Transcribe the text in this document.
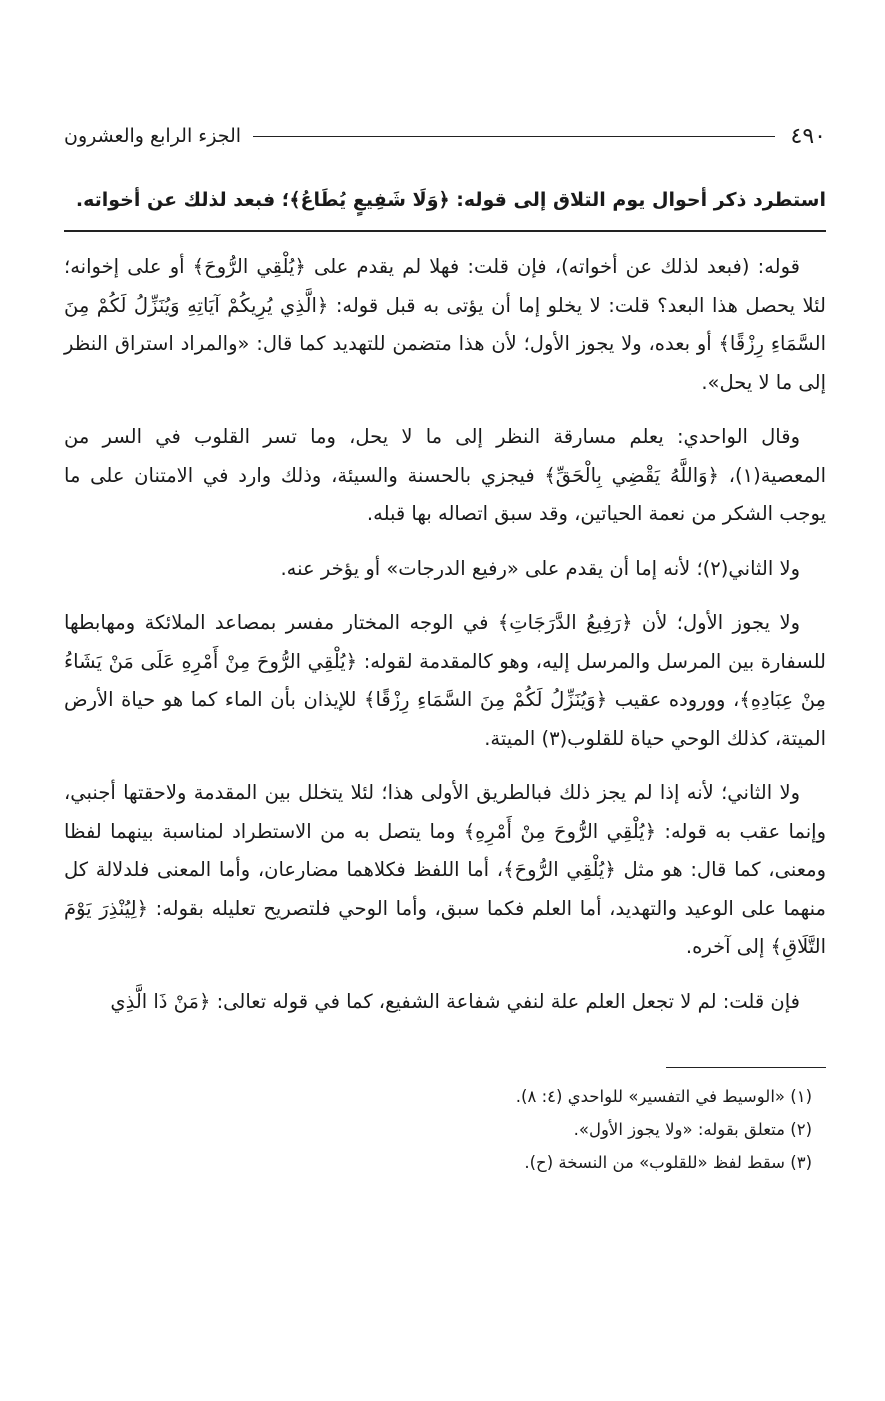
٤٩٠
الجزء الرابع والعشرون
استطرد ذكر أحوال يوم التلاق إلى قوله: ﴿وَلَا شَفِيعٍ يُطَاعُ﴾؛ فبعد لذلك عن أخواته.

قوله: (فبعد لذلك عن أخواته)، فإن قلت: فهلا لم يقدم على ﴿يُلْقِي الرُّوحَ﴾ أو على إخوانه؛ لئلا يحصل هذا البعد؟ قلت: لا يخلو إما أن يؤتى به قبل قوله: ﴿الَّذِي يُرِيكُمْ آيَاتِهِ وَيُنَزِّلُ لَكُمْ مِنَ السَّمَاءِ رِزْقًا﴾ أو بعده، ولا يجوز الأول؛ لأن هذا متضمن للتهديد كما قال: «والمراد استراق النظر إلى ما لا يحل».

وقال الواحدي: يعلم مسارقة النظر إلى ما لا يحل، وما تسر القلوب في السر من المعصية(١)، ﴿وَاللَّهُ يَقْضِي بِالْحَقِّ﴾ فيجزي بالحسنة والسيئة، وذلك وارد في الامتنان على ما يوجب الشكر من نعمة الحياتين، وقد سبق اتصاله بها قبله.

ولا الثاني(٢)؛ لأنه إما أن يقدم على «رفيع الدرجات» أو يؤخر عنه.

ولا يجوز الأول؛ لأن ﴿رَفِيعُ الدَّرَجَاتِ﴾ في الوجه المختار مفسر بمصاعد الملائكة ومهابطها للسفارة بين المرسل والمرسل إليه، وهو كالمقدمة لقوله: ﴿يُلْقِي الرُّوحَ مِنْ أَمْرِهِ عَلَى مَنْ يَشَاءُ مِنْ عِبَادِهِ﴾، ووروده عقيب ﴿وَيُنَزِّلُ لَكُمْ مِنَ السَّمَاءِ رِزْقًا﴾ للإيذان بأن الماء كما هو حياة الأرض الميتة، كذلك الوحي حياة للقلوب(٣) الميتة.

ولا الثاني؛ لأنه إذا لم يجز ذلك فبالطريق الأولى هذا؛ لئلا يتخلل بين المقدمة ولاحقتها أجنبي، وإنما عقب به قوله: ﴿يُلْقِي الرُّوحَ مِنْ أَمْرِهِ﴾ وما يتصل به من الاستطراد لمناسبة بينهما لفظا ومعنى، كما قال: هو مثل ﴿يُلْقِي الرُّوحَ﴾، أما اللفظ فكلاهما مضارعان، وأما المعنى فلدلالة كل منهما على الوعيد والتهديد، أما العلم فكما سبق، وأما الوحي فلتصريح تعليله بقوله: ﴿لِيُنْذِرَ يَوْمَ التَّلَاقِ﴾ إلى آخره.

فإن قلت: لم لا تجعل العلم علة لنفي شفاعة الشفيع، كما في قوله تعالى: ﴿مَنْ ذَا الَّذِي

(١) «الوسيط في التفسير» للواحدي (٤: ٨).
(٢) متعلق بقوله: «ولا يجوز الأول».
(٣) سقط لفظ «للقلوب» من النسخة (ح).
